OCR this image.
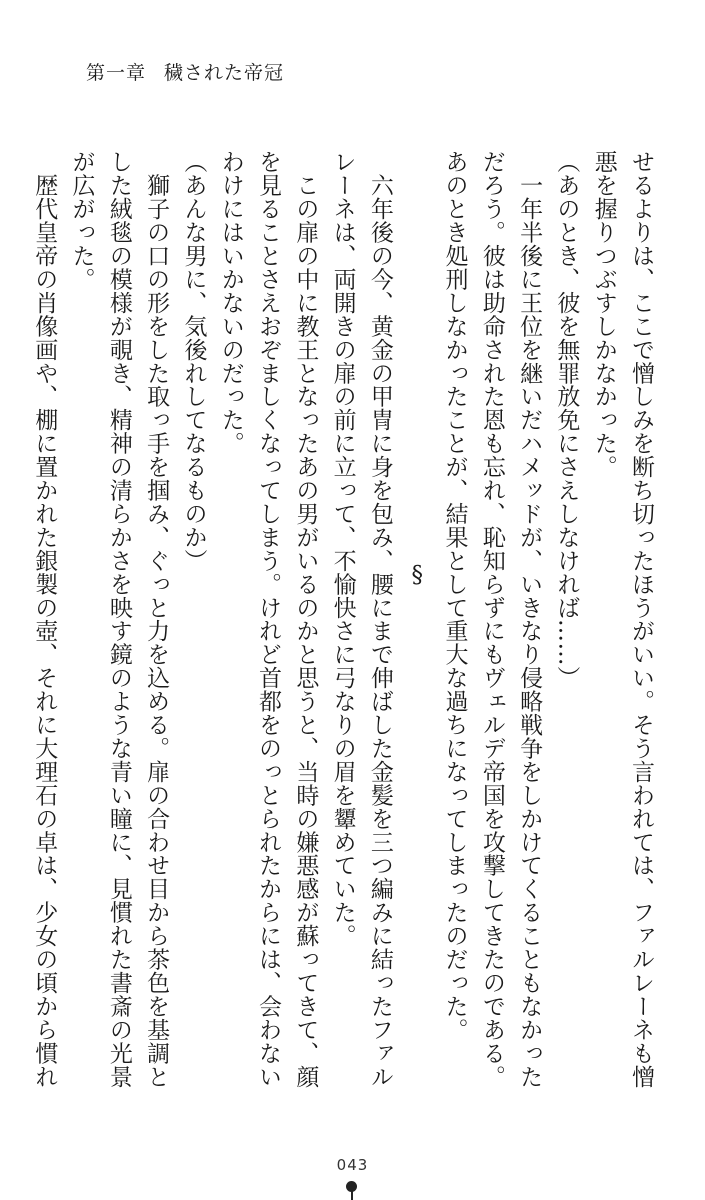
第一章 穢された帝冠

せるよりは、ここで憎しみを断ち切ったほうがいい。そう言われては、ファルレーネも憎

悪を握りつぶすしかなかった。

（あのとき、彼を無罪放免にさえしなければ……）

　一年半後に王位を継いだハメッドが、いきなり侵略戦争をしかけてくることもなかった

だろう。彼は助命された恩も忘れ、恥知らずにもヴェルデ帝国を攻撃してきたのである。

あのとき処刑しなかったことが、結果として重大な過ちになってしまったのだった。

§

　六年後の今、黄金の甲冑に身を包み、腰にまで伸ばした金髪を三つ編みに結ったファル

レーネは、両開きの扉の前に立って、不愉快さに弓なりの眉を顰めていた。

　この扉の中に教王となったあの男がいるのかと思うと、当時の嫌悪感が蘇ってきて、顔

を見ることさえおぞましくなってしまう。けれど首都をのっとられたからには、会わない

わけにはいかないのだった。

（あんな男に、気後れしてなるものか）

　獅子の口の形をした取っ手を掴み、ぐっと力を込める。扉の合わせ目から茶色を基調と

した絨毯の模様が覗き、精神の清らかさを映す鏡のような青い瞳に、見慣れた書斎の光景

が広がった。

　歴代皇帝の肖像画や、棚に置かれた銀製の壺、それに大理石の卓は、少女の頃から慣れ

043
